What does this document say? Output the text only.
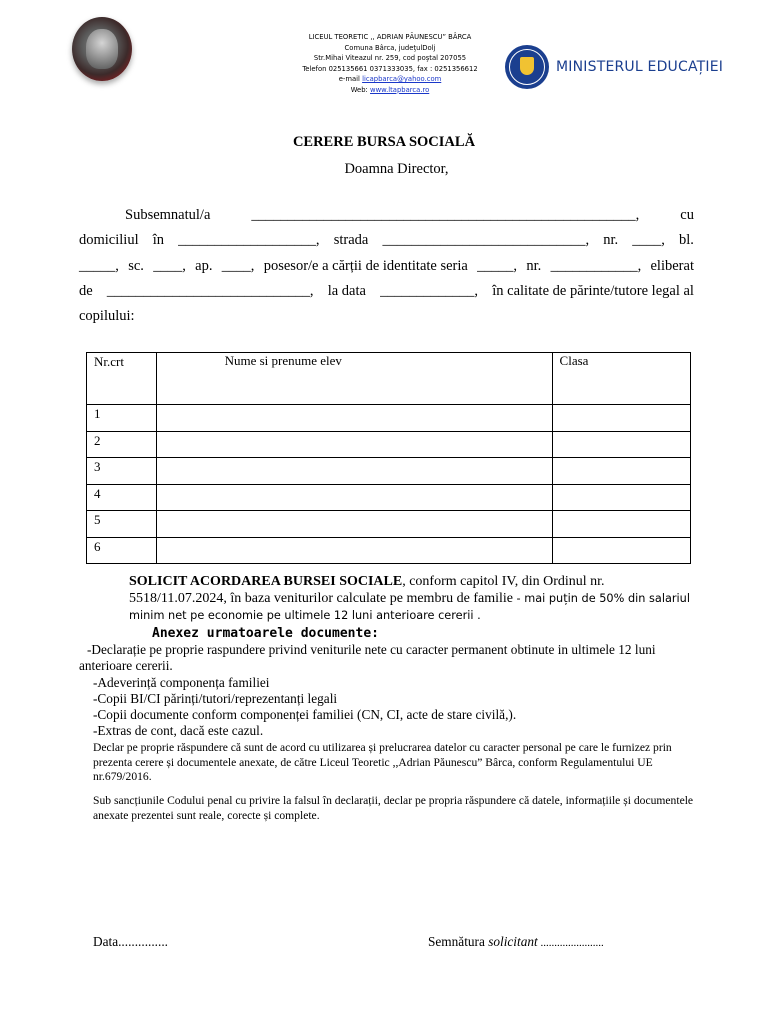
LICEUL TEORETIC ,, ADRIAN PĂUNESCU” BÂRCA
Comuna Bârca, judeţulDolj
Str.Mihai Viteazul nr. 259, cod poştal 207055
Telefon 025135661 0371333035, fax : 0251356612
e-mail licapbarca@yahoo.com
Web: www.ltapbarca.ro
MINISTERUL EDUCAȚIEI
CERERE BURSA SOCIALĂ
Doamna Director,
Subsemnatul/a	_____________________________________________________,	cu
domiciliul în ___________________, strada ____________________________, nr. ____, bl.
_____, sc. ____, ap. ____, posesor/e a cărții de identitate seria _____, nr. ____________, eliberat
de ____________________________, la data _____________, în calitate de părinte/tutore legal al
copilului:
Nr.crt	Nume si prenume elev	Clasa
1		
2		
3		
4		
5		
6		
SOLICIT ACORDAREA BURSEI SOCIALE, conform capitol IV, din Ordinul nr. 5518/11.07.2024, în baza veniturilor calculate pe membru de familie - mai puțin de 50% din salariul minim net pe economie pe ultimele 12 luni anterioare cererii .
Anexez urmatoarele documente:
-Declarație pe proprie raspundere privind veniturile nete cu caracter permanent obtinute in ultimele 12 luni anterioare cererii.
-Adeverință componența familiei
-Copii BI/CI părinți/tutori/reprezentanți legali
-Copii documente conform componenței familiei (CN, CI, acte de stare civilă,).
-Extras de cont, dacă este cazul.
Declar pe proprie răspundere că sunt de acord cu utilizarea și prelucrarea datelor cu caracter personal pe care le furnizez prin prezenta cerere și documentele anexate, de către Liceul Teoretic ,,Adrian Păunescu” Bârca, conform Regulamentului UE nr.679/2016.
Sub sancțiunile Codului penal cu privire la falsul în declarații, declar pe propria răspundere că datele, informațiile și documentele anexate prezentei sunt reale, corecte și complete.
Data...............	Semnătura solicitant .......................
